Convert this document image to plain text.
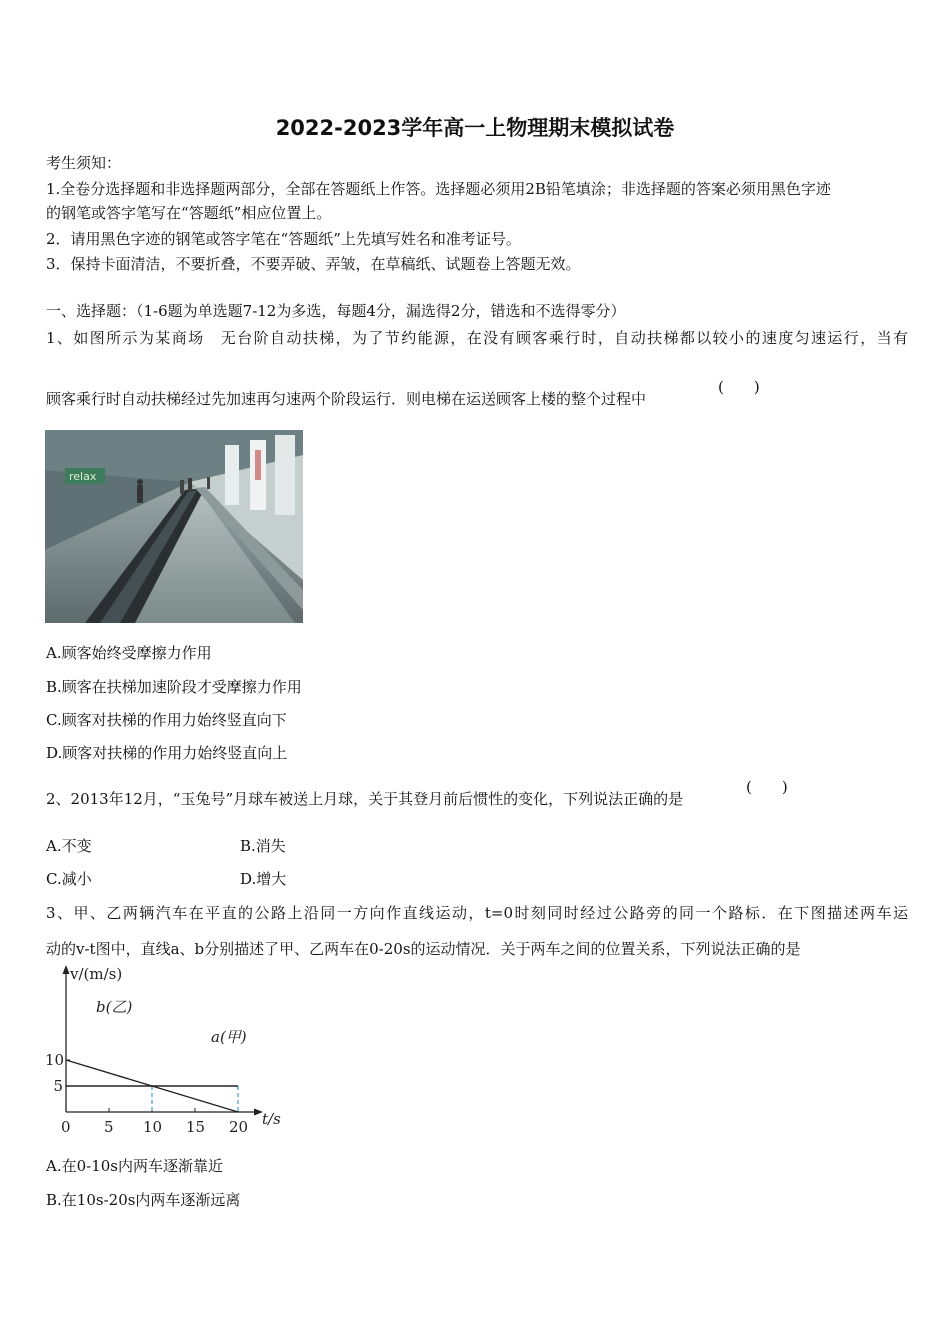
2022-2023学年高一上物理期末模拟试卷
考生须知：
1.全卷分选择题和非选择题两部分，全部在答题纸上作答。选择题必须用2B铅笔填涂；非选择题的答案必须用黑色字迹
的钢笔或答字笔写在“答题纸”相应位置上。
2．请用黑色字迹的钢笔或答字笔在“答题纸”上先填写姓名和准考证号。
3．保持卡面清洁，不要折叠，不要弄破、弄皱，在草稿纸、试题卷上答题无效。
一、选择题：（1-6题为单选题7-12为多选，每题4分，漏选得2分，错选和不选得零分）
1、如图所示为某商场　无台阶自动扶梯，为了节约能源，在没有顾客乘行时，自动扶梯都以较小的速度匀速运行，当有
顾客乘行时自动扶梯经过先加速再匀速两个阶段运行．则电梯在运送顾客上楼的整个过程中
(　　)
relax
A.顾客始终受摩擦力作用
B.顾客在扶梯加速阶段才受摩擦力作用
C.顾客对扶梯的作用力始终竖直向下
D.顾客对扶梯的作用力始终竖直向上
2、2013年12月，“玉兔号”月球车被送上月球，关于其登月前后惯性的变化，下列说法正确的是
(　　)
A.不变	B.消失
C.减小	D.增大
3、甲、乙两辆汽车在平直的公路上沿同一方向作直线运动，t=0时刻同时经过公路旁的同一个路标．在下图描述两车运
动的v-t图中，直线a、b分别描述了甲、乙两车在0-20s的运动情况．关于两车之间的位置关系，下列说法正确的是
v/(m/s)
t/s
b(乙)
a(甲)
0 5 10 15 20
5
10
A.在0-10s内两车逐渐靠近
B.在10s-20s内两车逐渐远离
